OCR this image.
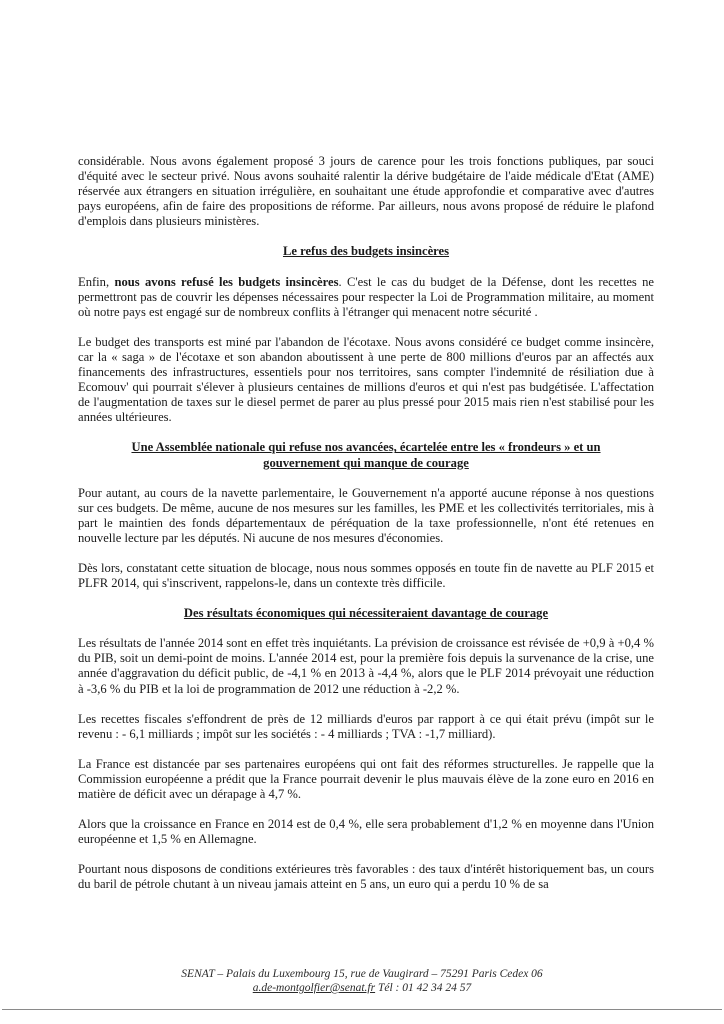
considérable. Nous avons également proposé 3 jours de carence pour les trois fonctions publiques, par souci d'équité avec le secteur privé. Nous avons souhaité ralentir la dérive budgétaire de l'aide médicale d'Etat (AME) réservée aux étrangers en situation irrégulière, en souhaitant une étude approfondie et comparative avec d'autres pays européens, afin de faire des propositions de réforme. Par ailleurs, nous avons proposé de réduire le plafond d'emplois dans plusieurs ministères.

Le refus des budgets insincères

Enfin, nous avons refusé les budgets insincères. C'est le cas du budget de la Défense, dont les recettes ne permettront pas de couvrir les dépenses nécessaires pour respecter la Loi de Programmation militaire, au moment où notre pays est engagé sur de nombreux conflits à l'étranger qui menacent notre sécurité .

Le budget des transports est miné par l'abandon de l'écotaxe. Nous avons considéré ce budget comme insincère, car la « saga » de l'écotaxe et son abandon aboutissent à une perte de 800 millions d'euros par an affectés aux financements des infrastructures, essentiels pour nos territoires, sans compter l'indemnité de résiliation due à Ecomouv' qui pourrait s'élever à plusieurs centaines de millions d'euros et qui n'est pas budgétisée. L'affectation de l'augmentation de taxes sur le diesel permet de parer au plus pressé pour 2015 mais rien n'est stabilisé pour les années ultérieures.

Une Assemblée nationale qui refuse nos avancées, écartelée entre les « frondeurs » et un
gouvernement qui manque de courage

Pour autant, au cours de la navette parlementaire, le Gouvernement n'a apporté aucune réponse à nos questions sur ces budgets. De même, aucune de nos mesures sur les familles, les PME et les collectivités territoriales, mis à part le maintien des fonds départementaux de péréquation de la taxe professionnelle, n'ont été retenues en nouvelle lecture par les députés. Ni aucune de nos mesures d'économies.

Dès lors, constatant cette situation de blocage, nous nous sommes opposés en toute fin de navette au PLF 2015 et PLFR 2014, qui s'inscrivent, rappelons-le, dans un contexte très difficile.

Des résultats économiques qui nécessiteraient davantage de courage

Les résultats de l'année 2014 sont en effet très inquiétants. La prévision de croissance est révisée de +0,9 à +0,4 % du PIB, soit un demi-point de moins. L'année 2014 est, pour la première fois depuis la survenance de la crise, une année d'aggravation du déficit public, de -4,1 % en 2013 à -4,4 %, alors que le PLF 2014 prévoyait une réduction à -3,6 % du PIB et la loi de programmation de 2012 une réduction à -2,2 %.

Les recettes fiscales s'effondrent de près de 12 milliards d'euros par rapport à ce qui était prévu (impôt sur le revenu : - 6,1 milliards ; impôt sur les sociétés : - 4 milliards ; TVA : -1,7 milliard).

La France est distancée par ses partenaires européens qui ont fait des réformes structurelles. Je rappelle que la Commission européenne a prédit que la France pourrait devenir le plus mauvais élève de la zone euro en 2016 en matière de déficit avec un dérapage à 4,7 %.

Alors que la croissance en France en 2014 est de 0,4 %, elle sera probablement d'1,2 % en moyenne dans l'Union européenne et 1,5 % en Allemagne.

Pourtant nous disposons de conditions extérieures très favorables : des taux d'intérêt historiquement bas, un cours du baril de pétrole chutant à un niveau jamais atteint en 5 ans, un euro qui a perdu 10 % de sa

SENAT – Palais du Luxembourg 15, rue de Vaugirard – 75291 Paris Cedex 06
a.de-montgolfier@senat.fr Tél : 01 42 34 24 57
